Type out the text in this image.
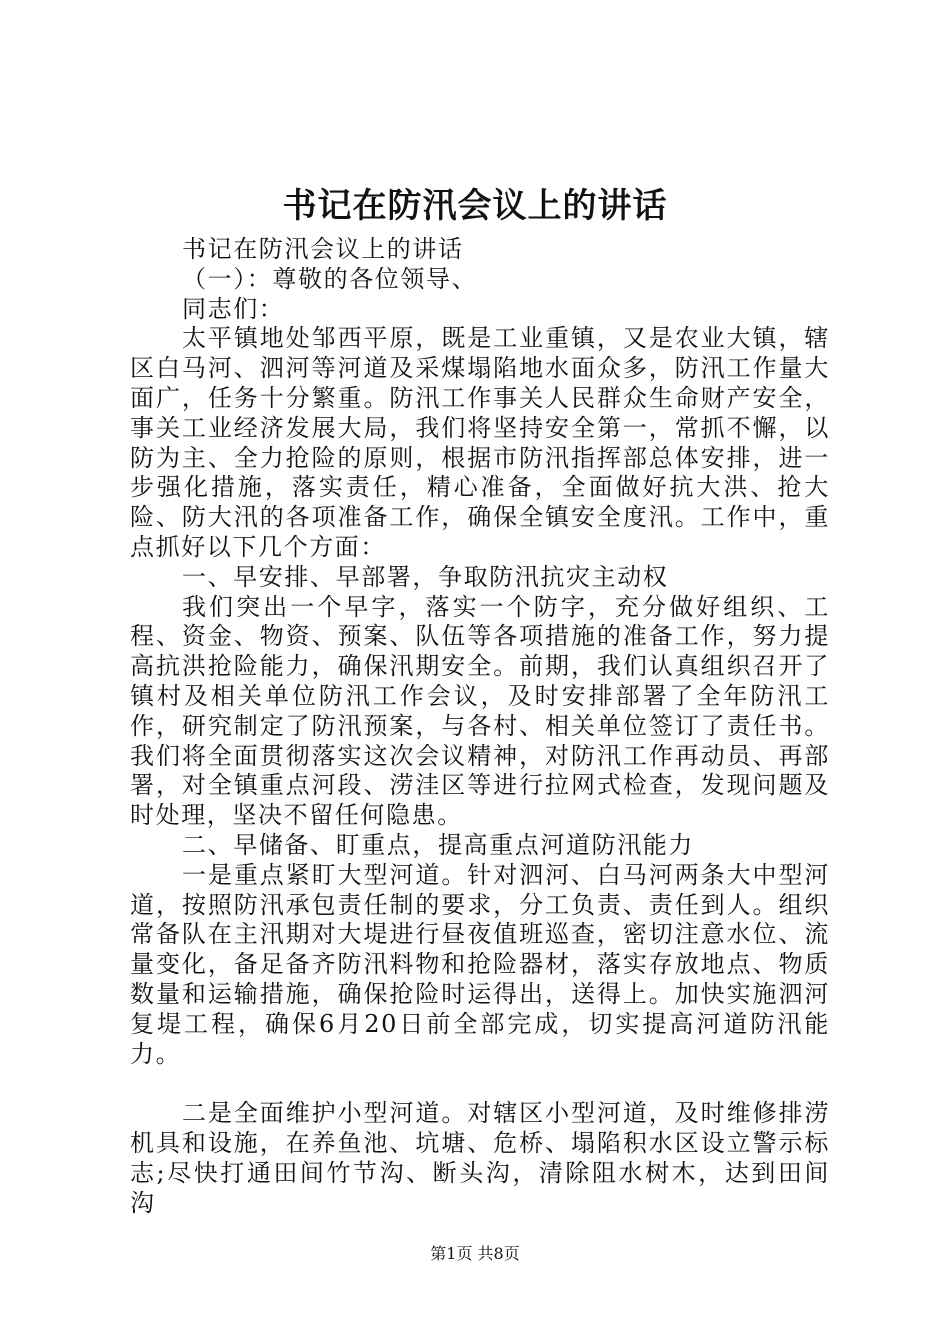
书记在防汛会议上的讲话

书记在防汛会议上的讲话

（一）：尊敬的各位领导、

同志们：

太平镇地处邹西平原，既是工业重镇，又是农业大镇，辖区白马河、泗河等河道及采煤塌陷地水面众多，防汛工作量大面广，任务十分繁重。防汛工作事关人民群众生命财产安全，事关工业经济发展大局，我们将坚持安全第一，常抓不懈，以防为主、全力抢险的原则，根据市防汛指挥部总体安排，进一步强化措施，落实责任，精心准备，全面做好抗大洪、抢大险、防大汛的各项准备工作，确保全镇安全度汛。工作中，重点抓好以下几个方面：

一、早安排、早部署，争取防汛抗灾主动权

我们突出一个早字，落实一个防字，充分做好组织、工程、资金、物资、预案、队伍等各项措施的准备工作，努力提高抗洪抢险能力，确保汛期安全。前期，我们认真组织召开了镇村及相关单位防汛工作会议，及时安排部署了全年防汛工作，研究制定了防汛预案，与各村、相关单位签订了责任书。我们将全面贯彻落实这次会议精神，对防汛工作再动员、再部署，对全镇重点河段、涝洼区等进行拉网式检查，发现问题及时处理，坚决不留任何隐患。

二、早储备、盯重点，提高重点河道防汛能力

一是重点紧盯大型河道。针对泗河、白马河两条大中型河道，按照防汛承包责任制的要求，分工负责、责任到人。组织常备队在主汛期对大堤进行昼夜值班巡查，密切注意水位、流量变化，备足备齐防汛料物和抢险器材，落实存放地点、物质数量和运输措施，确保抢险时运得出，送得上。加快实施泗河复堤工程，确保6月20日前全部完成，切实提高河道防汛能力。

二是全面维护小型河道。对辖区小型河道，及时维修排涝机具和设施，在养鱼池、坑塘、危桥、塌陷积水区设立警示标志;尽快打通田间竹节沟、断头沟，清除阻水树木，达到田间沟

第1页 共8页
